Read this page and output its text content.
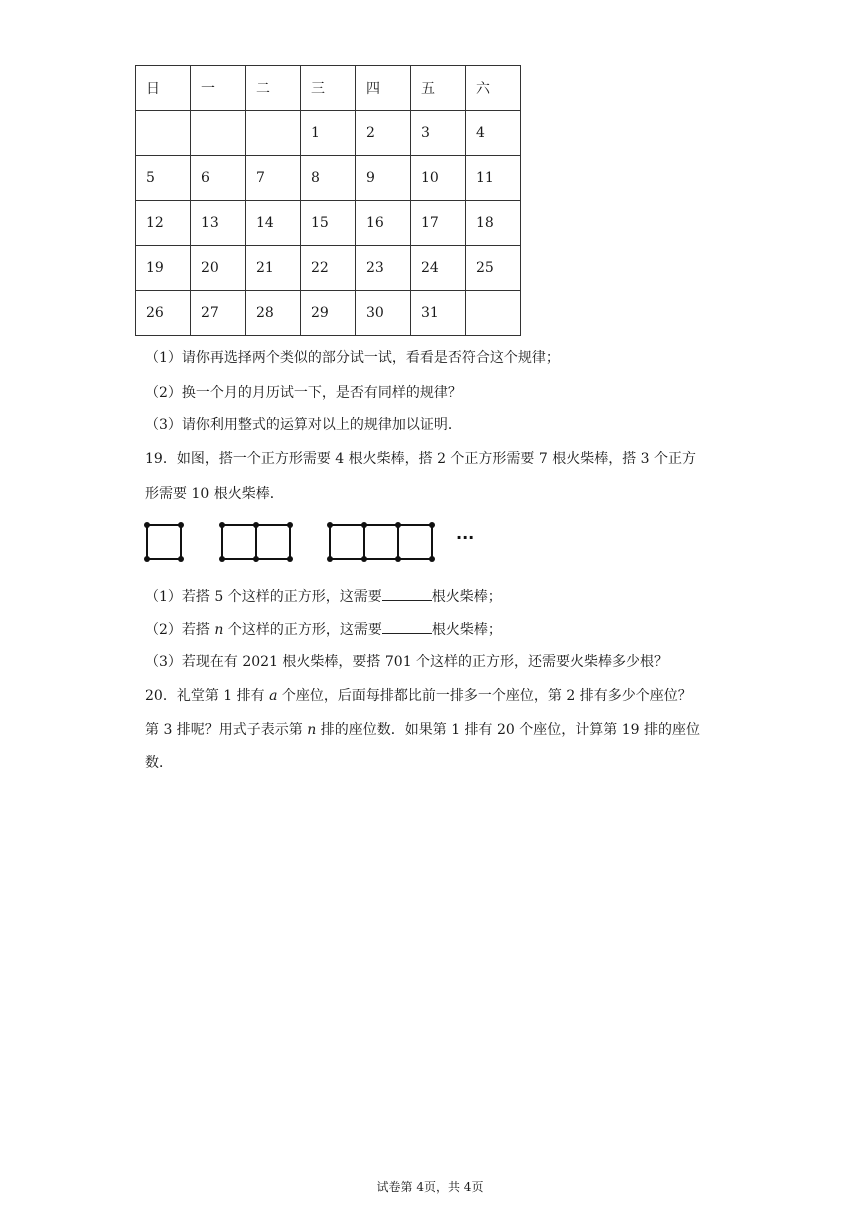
日	一	二	三	四	五	六
			1	2	3	4
5	6	7	8	9	10	11
12	13	14	15	16	17	18
19	20	21	22	23	24	25
26	27	28	29	30	31	
（1）请你再选择两个类似的部分试一试，看看是否符合这个规律；
（2）换一个月的月历试一下，是否有同样的规律？
（3）请你利用整式的运算对以上的规律加以证明．
19．如图，搭一个正方形需要 4 根火柴棒，搭 2 个正方形需要 7 根火柴棒，搭 3 个正方
形需要 10 根火柴棒．
···
（1）若搭 5 个这样的正方形，这需要	根火柴棒；
（2）若搭 n 个这样的正方形，这需要	根火柴棒；
（3）若现在有 2021 根火柴棒，要搭 701 个这样的正方形，还需要火柴棒多少根？
20．礼堂第 1 排有 a 个座位，后面每排都比前一排多一个座位，第 2 排有多少个座位？
第 3 排呢？用式子表示第 n 排的座位数．如果第 1 排有 20 个座位，计算第 19 排的座位
数．
试卷第 4页，共 4页
